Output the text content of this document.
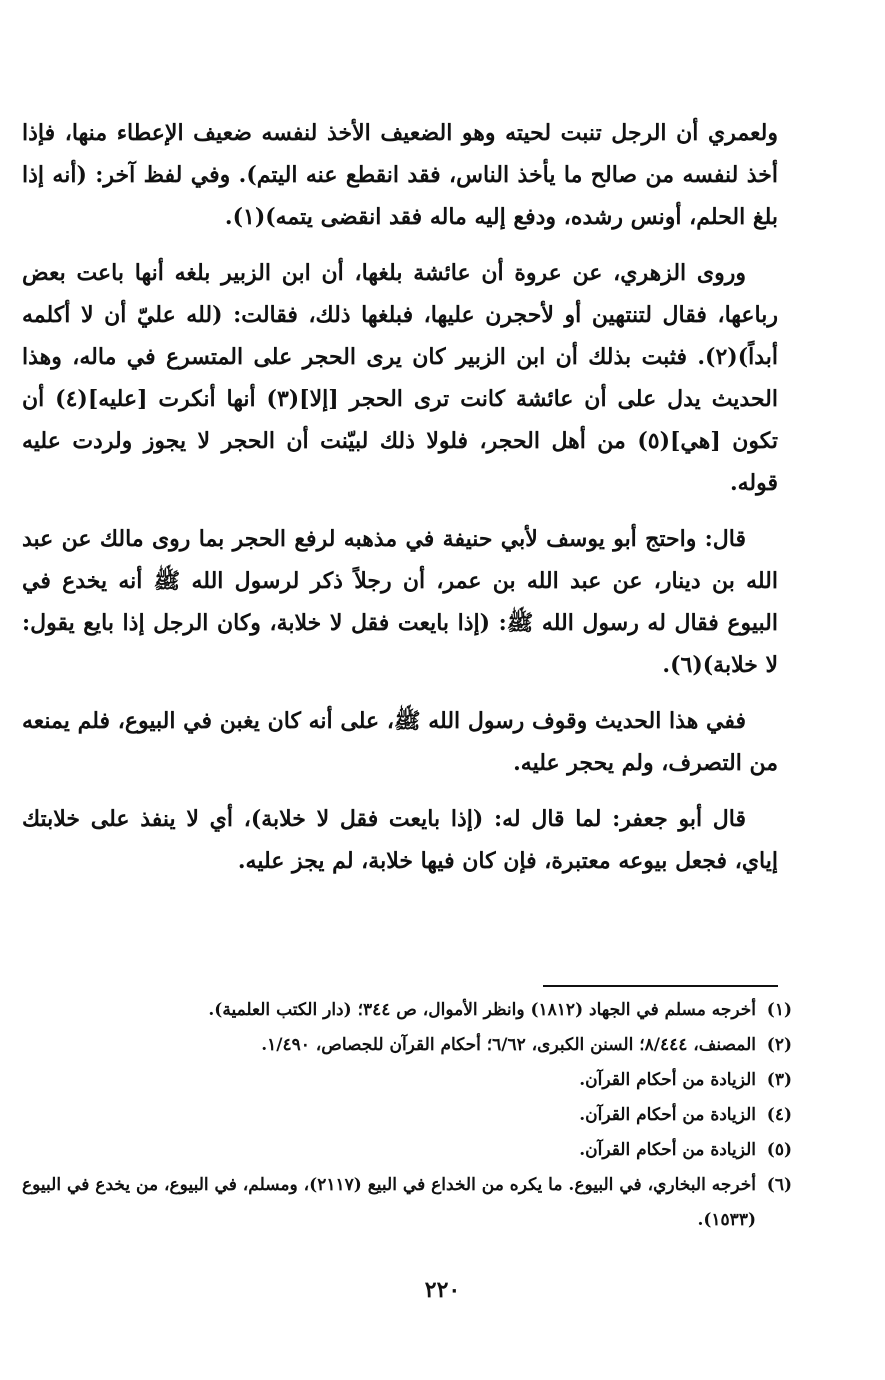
ولعمري أن الرجل تنبت لحيته وهو الضعيف الأخذ لنفسه ضعيف الإعطاء منها، فإذا أخذ لنفسه من صالح ما يأخذ الناس، فقد انقطع عنه اليتم). وفي لفظ آخر: (أنه إذا بلغ الحلم، أونس رشده، ودفع إليه ماله فقد انقضى يتمه)(١).

وروى الزهري، عن عروة أن عائشة بلغها، أن ابن الزبير بلغه أنها باعت بعض رباعها، فقال لتنتهين أو لأحجرن عليها، فبلغها ذلك، فقالت: (لله عليّ أن لا أكلمه أبداً)(٢). فثبت بذلك أن ابن الزبير كان يرى الحجر على المتسرع في ماله، وهذا الحديث يدل على أن عائشة كانت ترى الحجر [إلا](٣) أنها أنكرت [عليه](٤) أن تكون [هي](٥) من أهل الحجر، فلولا ذلك لبيّنت أن الحجر لا يجوز ولردت عليه قوله.

قال: واحتج أبو يوسف لأبي حنيفة في مذهبه لرفع الحجر بما روى مالك عن عبد الله بن دينار، عن عبد الله بن عمر، أن رجلاً ذكر لرسول الله ﷺ أنه يخدع في البيوع فقال له رسول الله ﷺ: (إذا بايعت فقل لا خلابة، وكان الرجل إذا بايع يقول: لا خلابة)(٦).

ففي هذا الحديث وقوف رسول الله ﷺ، على أنه كان يغبن في البيوع، فلم يمنعه من التصرف، ولم يحجر عليه.

قال أبو جعفر: لما قال له: (إذا بايعت فقل لا خلابة)، أي لا ينفذ على خلابتك إياي، فجعل بيوعه معتبرة، فإن كان فيها خلابة، لم يجز عليه.

(١)
أخرجه مسلم في الجهاد (١٨١٢) وانظر الأموال، ص ٣٤٤؛ (دار الكتب العلمية).
(٢)
المصنف، ٨/٤٤٤؛ السنن الكبرى، ٦/٦٢؛ أحكام القرآن للجصاص، ١/٤٩٠.
(٣)
الزيادة من أحكام القرآن.
(٤)
الزيادة من أحكام القرآن.
(٥)
الزيادة من أحكام القرآن.
(٦)
أخرجه البخاري، في البيوع. ما يكره من الخداع في البيع (٢١١٧)، ومسلم، في البيوع، من يخدع في البيوع (١٥٣٣).
٢٢٠
